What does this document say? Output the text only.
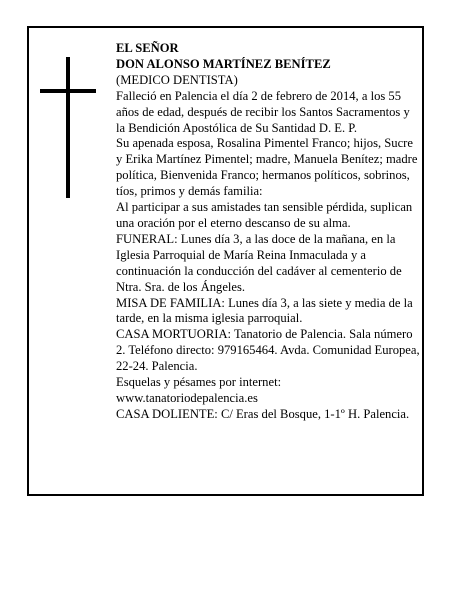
EL SEÑOR
DON ALONSO MARTÍNEZ BENÍTEZ
(MEDICO DENTISTA)
Falleció en Palencia el día 2 de febrero de 2014, a los 55 años de edad, después de recibir los Santos Sacramentos y la Bendición Apostólica de Su Santidad D. E. P.
Su apenada esposa, Rosalina Pimentel Franco; hijos, Sucre y Erika Martínez Pimentel; madre, Manuela Benítez; madre política, Bienvenida Franco; hermanos políticos, sobrinos, tíos, primos y demás familia:
Al participar a sus amistades tan sensible pérdida, suplican una oración por el eterno descanso de su alma.
FUNERAL: Lunes día 3, a las doce de la mañana, en la Iglesia Parroquial de María Reina Inmaculada y a continuación la conducción del cadáver al cementerio de Ntra. Sra. de los Ángeles.
MISA DE FAMILIA: Lunes día 3, a las siete y media de la tarde, en la misma iglesia parroquial.
CASA MORTUORIA: Tanatorio de Palencia. Sala número 2. Teléfono directo: 979165464. Avda. Comunidad Europea, 22-24. Palencia.
Esquelas y pésames por internet: www.tanatoriodepalencia.es
CASA DOLIENTE: C/ Eras del Bosque, 1-1º H. Palencia.
